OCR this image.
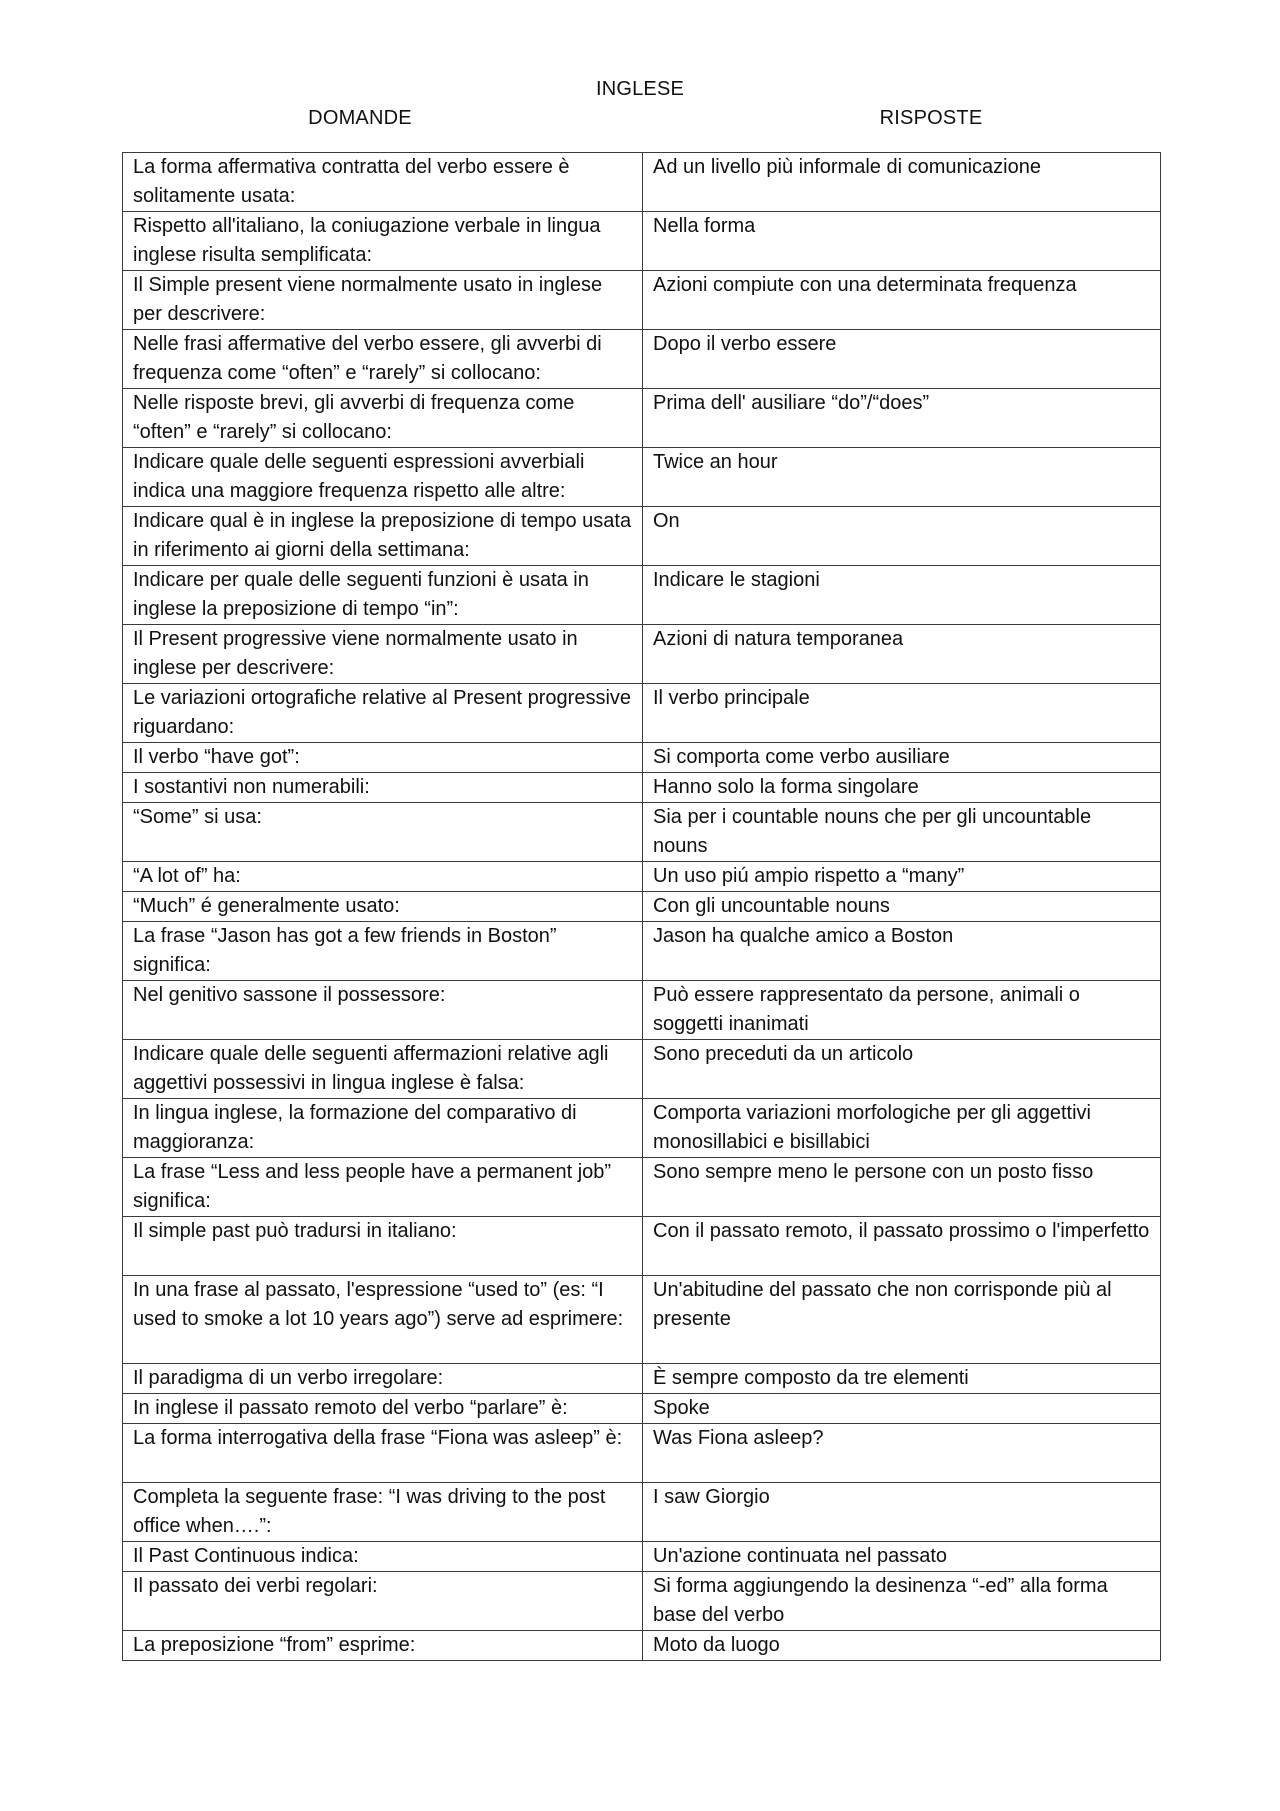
INGLESE
DOMANDE	RISPOSTE
La forma affermativa contratta del verbo essere è solitamente usata:	Ad un livello più informale di comunicazione
Rispetto all'italiano, la coniugazione verbale in lingua inglese risulta semplificata:	Nella forma
Il Simple present viene normalmente usato in inglese per descrivere:	Azioni compiute con una determinata frequenza
Nelle frasi affermative del verbo essere, gli avverbi di frequenza come “often” e “rarely” si collocano:	Dopo il verbo essere
Nelle risposte brevi, gli avverbi di frequenza come “often” e “rarely” si collocano:	Prima dell' ausiliare “do”/“does”
Indicare quale delle seguenti espressioni avverbiali indica una maggiore frequenza rispetto alle altre:	Twice an hour
Indicare qual è in inglese la preposizione di tempo usata in riferimento ai giorni della settimana:	On
Indicare per quale delle seguenti funzioni è usata in inglese la preposizione di tempo “in”:	Indicare le stagioni
Il Present progressive viene normalmente usato in inglese per descrivere:	Azioni di natura temporanea
Le variazioni ortografiche relative al Present progressive riguardano:	Il verbo principale
Il verbo “have got”:	Si comporta come verbo ausiliare
I sostantivi non numerabili:	Hanno solo la forma singolare
“Some” si usa:	Sia per i countable nouns che per gli uncountable nouns
“A lot of” ha:	Un uso piú ampio rispetto a “many”
“Much” é generalmente usato:	Con gli uncountable nouns
La frase “Jason has got a few friends in Boston” significa:	Jason ha qualche amico a Boston
Nel genitivo sassone il possessore:	Può essere rappresentato da persone, animali o soggetti inanimati
Indicare quale delle seguenti affermazioni relative agli aggettivi possessivi in lingua inglese è falsa:	Sono preceduti da un articolo
In lingua inglese, la formazione del comparativo di maggioranza:	Comporta variazioni morfologiche per gli aggettivi monosillabici e bisillabici
La frase “Less and less people have a permanent job” significa:	Sono sempre meno le persone con un posto fisso
Il simple past può tradursi in italiano:	Con il passato remoto, il passato prossimo o l'imperfetto
In una frase al passato, l'espressione “used to” (es: “I used to smoke a lot 10 years ago”) serve ad esprimere:	Un'abitudine del passato che non corrisponde più al presente
Il paradigma di un verbo irregolare:	È sempre composto da tre elementi
In inglese il passato remoto del verbo “parlare” è:	Spoke
La forma interrogativa della frase “Fiona was asleep” è:	Was Fiona asleep?
Completa la seguente frase: “I was driving to the post office when….”:	I saw Giorgio
Il Past Continuous indica:	Un'azione continuata nel passato
Il passato dei verbi regolari:	Si forma aggiungendo la desinenza “-ed” alla forma base del verbo
La preposizione “from” esprime:	Moto da luogo
